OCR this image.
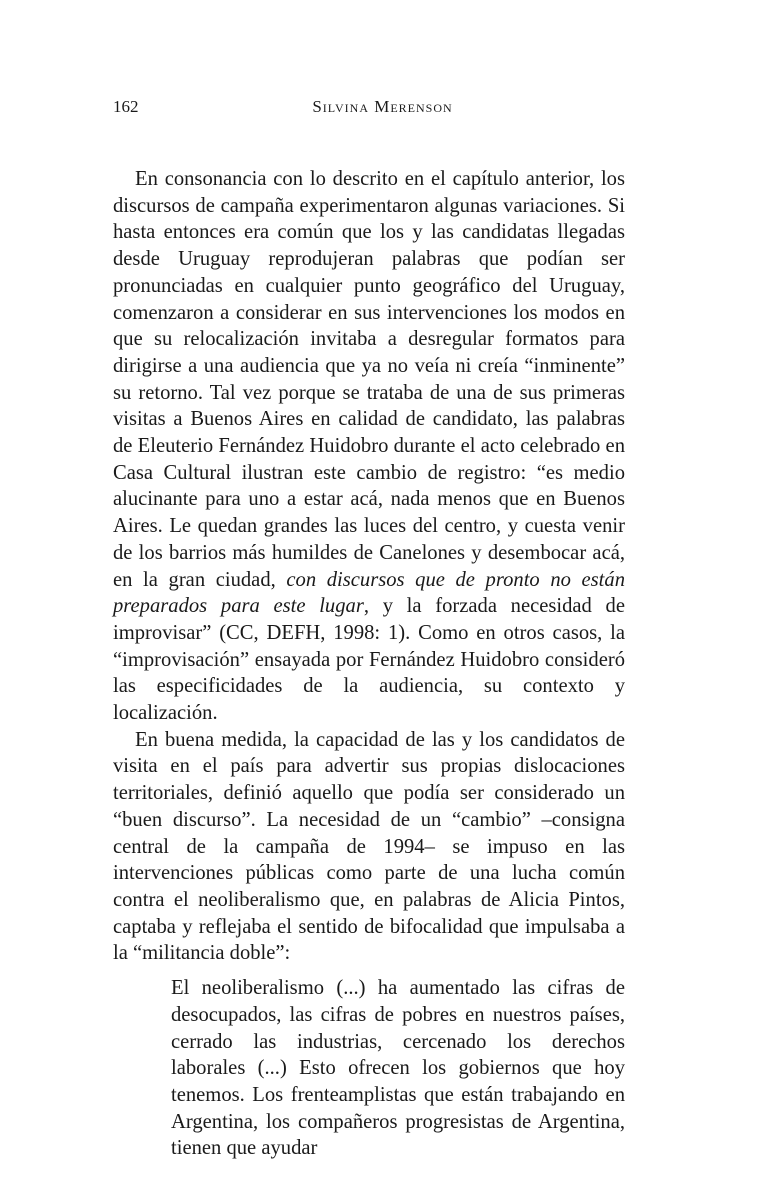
162	Silvina Merenson

En consonancia con lo descrito en el capítulo anterior, los discursos de campaña experimentaron algunas variaciones. Si hasta entonces era común que los y las candidatas llegadas desde Uruguay reprodujeran palabras que podían ser pronunciadas en cualquier punto geográfico del Uruguay, comenzaron a considerar en sus intervenciones los modos en que su relocalización invitaba a desregular formatos para dirigirse a una audiencia que ya no veía ni creía “inminente” su retorno. Tal vez porque se trataba de una de sus primeras visitas a Buenos Aires en calidad de candidato, las palabras de Eleuterio Fernández Huidobro durante el acto celebrado en Casa Cultural ilustran este cambio de registro: “es medio alucinante para uno a estar acá, nada menos que en Buenos Aires. Le quedan grandes las luces del centro, y cuesta venir de los barrios más humildes de Canelones y desembocar acá, en la gran ciudad, con discursos que de pronto no están preparados para este lugar, y la forzada necesidad de improvisar” (CC, DEFH, 1998: 1). Como en otros casos, la “improvisación” ensayada por Fernández Huidobro consideró las especificidades de la audiencia, su contexto y localización.

En buena medida, la capacidad de las y los candidatos de visita en el país para advertir sus propias dislocaciones territoriales, definió aquello que podía ser considerado un “buen discurso”. La necesidad de un “cambio” –consigna central de la campaña de 1994– se impuso en las intervenciones públicas como parte de una lucha común contra el neoliberalismo que, en palabras de Alicia Pintos, captaba y reflejaba el sentido de bifocalidad que impulsaba a la “militancia doble”:

El neoliberalismo (...) ha aumentado las cifras de desocupados, las cifras de pobres en nuestros países, cerrado las industrias, cercenado los derechos laborales (...) Esto ofrecen los gobiernos que hoy tenemos. Los frenteamplistas que están trabajando en Argentina, los compañeros progresistas de Argentina, tienen que ayudar
